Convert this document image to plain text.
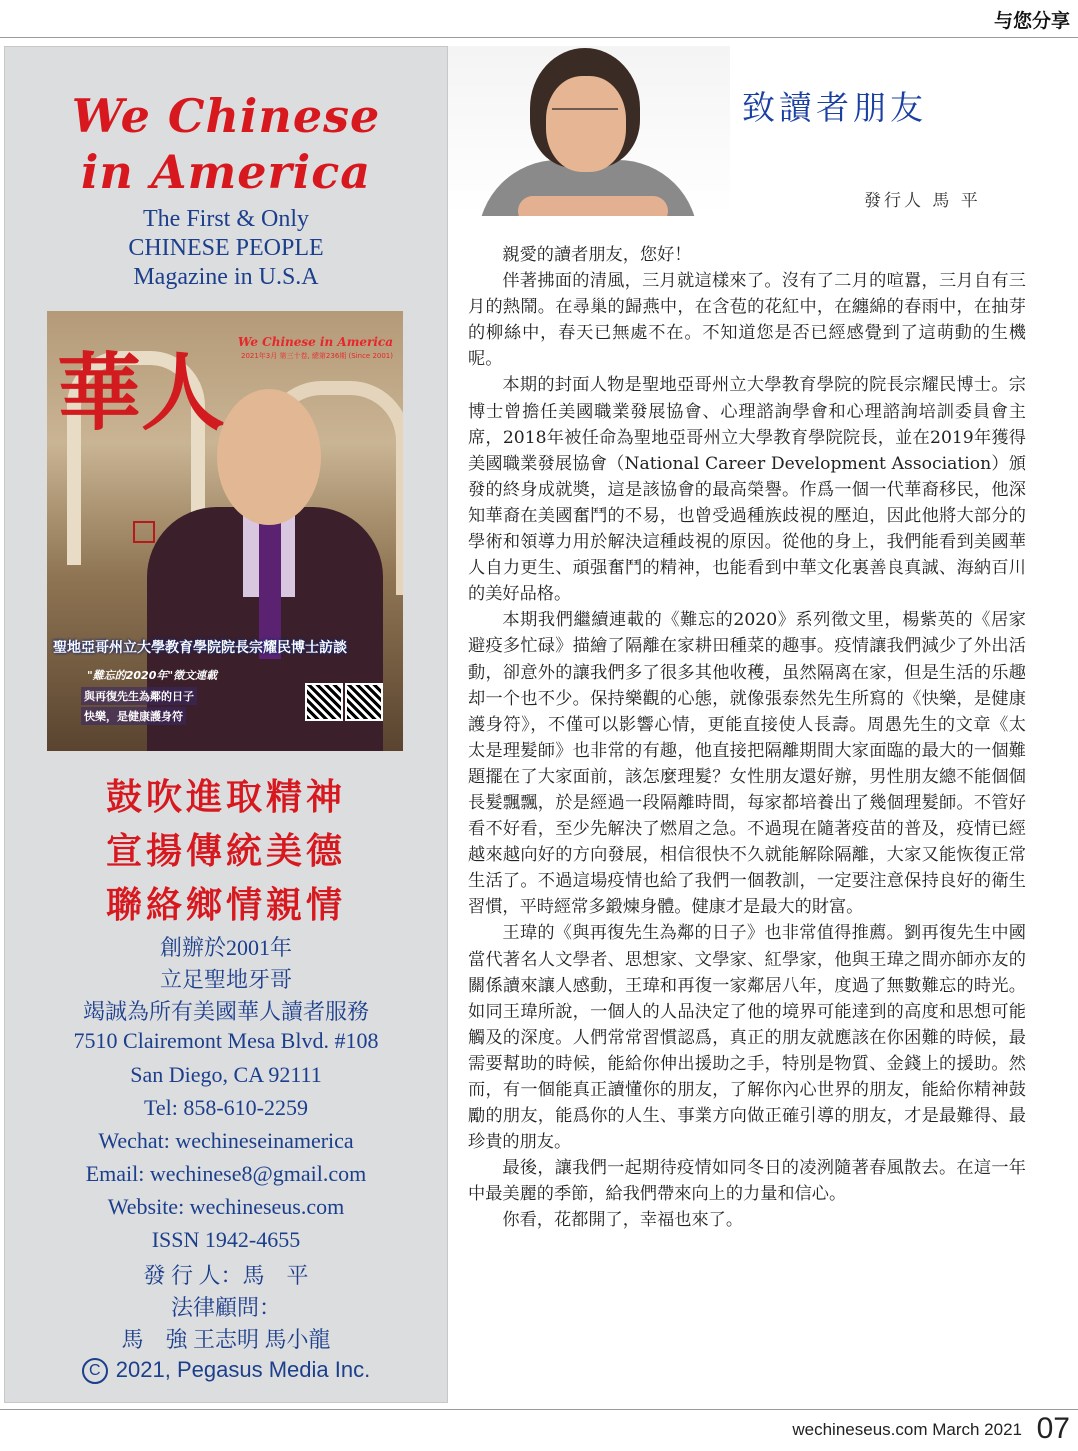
与您分享
We Chinese
in America
The First & Only
CHINESE PEOPLE
Magazine in U.S.A
We Chinese in America
2021年3月 第三十卷, 總第236期 (Since 2001)
華人
聖地亞哥州立大學教育學院院長宗耀民博士訪談
"難忘的2020年"徵文連載
與再復先生為鄰的日子
快樂，是健康護身符
鼓吹進取精神
宣揚傳統美德
聯絡鄉情親情
創辦於2001年
立足聖地牙哥
竭誠為所有美國華人讀者服務
7510 Clairemont Mesa Blvd. #108
San Diego, CA 92111
Tel: 858-610-2259
Wechat: wechineseinamerica
Email: wechinese8@gmail.com
Website: wechineseus.com
ISSN 1942-4655
發 行 人：馬　平
法律顧問：
馬　強 王志明 馬小龍
C 2021, Pegasus Media Inc.
致讀者朋友
發行人 馬 平

親愛的讀者朋友，您好！

伴著拂面的清風，三月就這樣來了。沒有了二月的喧囂，三月自有三月的熱鬧。在尋巢的歸燕中，在含苞的花紅中，在纏綿的春雨中，在抽芽的柳絲中，春天已無處不在。不知道您是否已經感覺到了這萌動的生機呢。

本期的封面人物是聖地亞哥州立大學教育學院的院長宗耀民博士。宗博士曾擔任美國職業發展協會、心理諮詢學會和心理諮詢培訓委員會主席，2018年被任命為聖地亞哥州立大學教育學院院長，並在2019年獲得美國職業發展協會（National Career Development Association）頒發的終身成就奬，這是該協會的最高榮譽。作爲一個一代華裔移民，他深知華裔在美國奮鬥的不易，也曾受過種族歧視的壓迫，因此他將大部分的學術和領導力用於解決這種歧視的原因。從他的身上，我們能看到美國華人自力更生、頑强奮鬥的精神，也能看到中華文化裏善良真誠、海納百川的美好品格。

本期我們繼續連載的《難忘的2020》系列徵文里，楊紫英的《居家避疫多忙碌》描繪了隔離在家耕田種菜的趣事。疫情讓我們減少了外出活動，卻意外的讓我們多了很多其他收穫，虽然隔离在家，但是生活的乐趣却一个也不少。保持樂觀的心態，就像張泰然先生所寫的《快樂，是健康護身符》，不僅可以影響心情，更能直接使人長壽。周愚先生的文章《太太是理髮師》也非常的有趣，他直接把隔離期間大家面臨的最大的一個難題擺在了大家面前，該怎麼理髮？女性朋友還好辦，男性朋友總不能個個長髮飄飄，於是經過一段隔離時間，每家都培養出了幾個理髮師。不管好看不好看，至少先解決了燃眉之急。不過現在隨著疫苗的普及，疫情已經越來越向好的方向發展，相信很快不久就能解除隔離，大家又能恢復正常生活了。不過這場疫情也給了我們一個教訓，一定要注意保持良好的衛生習慣，平時經常多鍛煉身體。健康才是最大的財富。

王瑋的《與再復先生為鄰的日子》也非常值得推薦。劉再復先生中國當代著名人文學者、思想家、文學家、紅學家，他與王瑋之間亦師亦友的關係讀來讓人感動，王瑋和再復一家鄰居八年，度過了無數難忘的時光。如同王瑋所說，一個人的人品決定了他的境界可能達到的高度和思想可能觸及的深度。人們常常習慣認爲，真正的朋友就應該在你困難的時候，最需要幫助的時候，能給你伸出援助之手，特別是物質、金錢上的援助。然而，有一個能真正讀懂你的朋友，了解你內心世界的朋友，能給你精神鼓勵的朋友，能爲你的人生、事業方向做正確引導的朋友，才是最難得、最珍貴的朋友。

最後，讓我們一起期待疫情如同冬日的凌洌隨著春風散去。在這一年中最美麗的季節，給我們帶來向上的力量和信心。

你看，花都開了，幸福也來了。

wechineseus.com March 2021 07
